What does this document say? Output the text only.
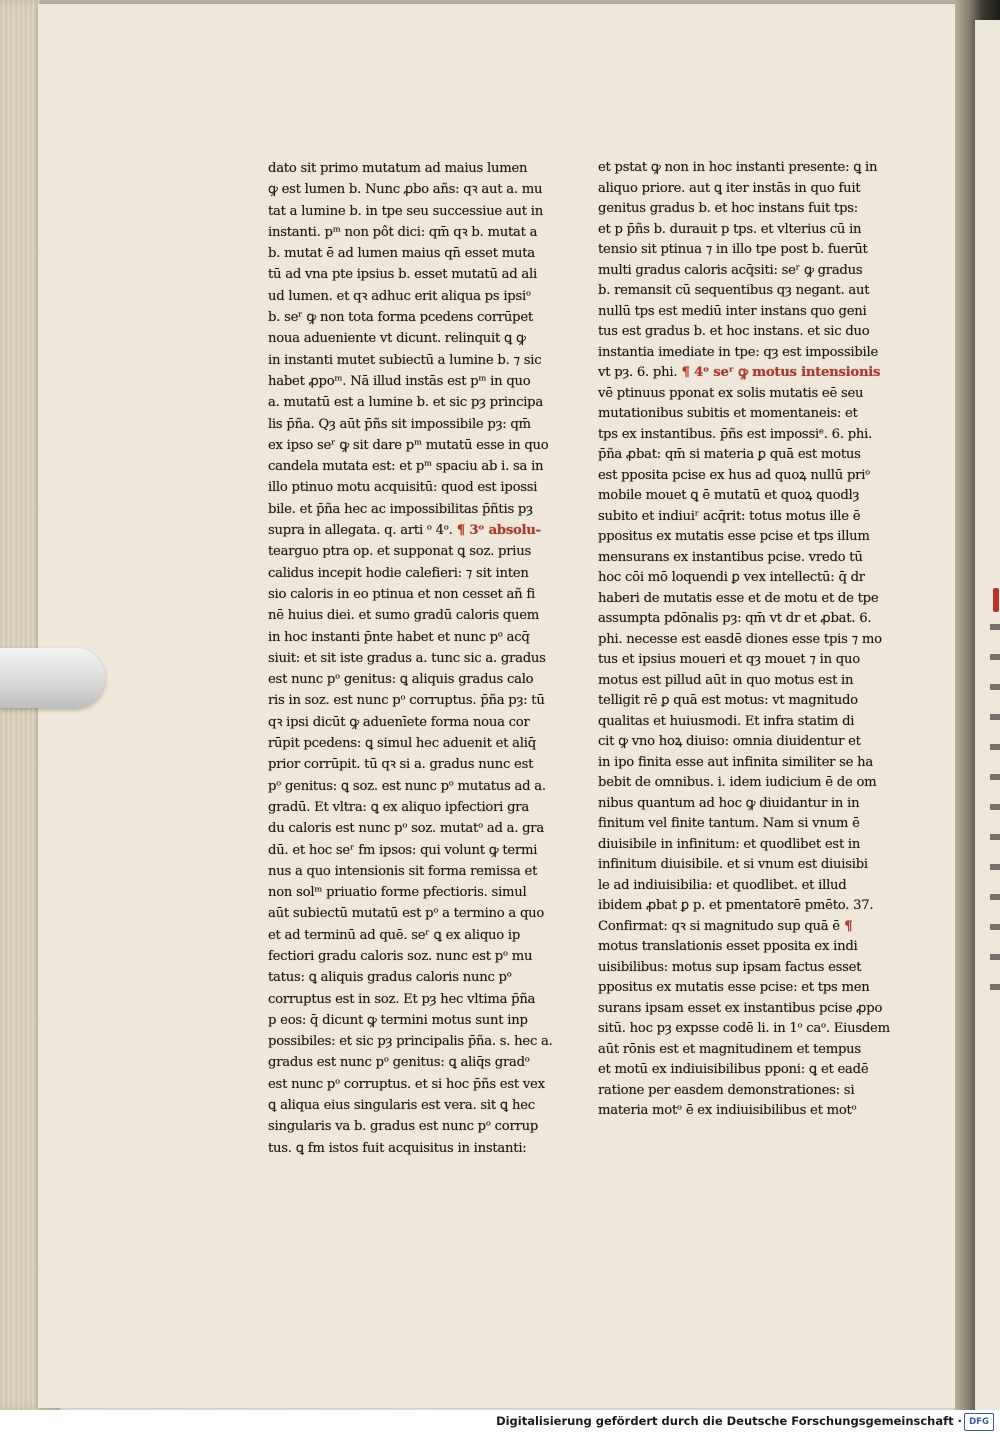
dato sit primo mutatum ad maius lumen
ꝙ est lumen b. Nunc ꝓbo añs: qꝛ aut a. mu
tat a lumine b. in tpe seu successiue aut in
instanti. pᵐ non pôt dici: qm̄ qꝛ b. mutat a
b. mutat ē ad lumen maius qn̄ esset muta
tū ad vna pte ipsius b. esset mutatū ad ali
ud lumen. et qꝛ adhuc erit aliqua ps ipsiᵒ
b. seʳ ꝙ non tota forma pcedens corrūpet
noua adueniente vt dicunt. relinquit ꝗ ꝙ
in instanti mutet subiectū a lumine b. ⁊ sic
habet ꝓpoᵐ. Nā illud instās est pᵐ in quo
a. mutatū est a lumine b. et sic pȝ principa
lis p̄ña. Qȝ aūt p̄ñs sit impossibile pȝ: qm̄
ex ipso seʳ ꝙ sit dare pᵐ mutatū esse in quo
candela mutata est: et pᵐ spaciu ab i. sa in
illo ptinuo motu acquisitū: quod est ipossi
bile. et p̄ña hec ac impossibilitas p̄ñtis pȝ
supra in allegata. q. arti ᵒ 4ᵒ. ¶ 3ᵒ absolu-
tearguo ptra op. et supponat ꝗ soz. prius
calidus incepit hodie calefieri: ⁊ sit inten
sio caloris in eo ptinua et non cesset añ fi
nē huius diei. et sumo gradū caloris quem
in hoc instanti p̄nte habet et nunc pᵒ acq̄
siuit: et sit iste gradus a. tunc sic a. gradus
est nunc pᵒ genitus: ꝗ aliquis gradus calo
ris in soz. est nunc pᵒ corruptus. p̄ña pȝ: tū
qꝛ ipsi dicūt ꝙ aduenīete forma noua cor
rūpit pcedens: ꝗ simul hec aduenit et aliq̄
prior corrūpit. tū qꝛ si a. gradus nunc est
pᵒ genitus: ꝗ soz. est nunc pᵒ mutatus ad a.
gradū. Et vltra: ꝗ ex aliquo ipfectiori gra
du caloris est nunc pᵒ soz. mutatᵒ ad a. gra
dū. et hoc seʳ fm ipsos: qui volunt ꝙ termi
nus a quo intensionis sit forma remissa et
non solᵐ priuatio forme pfectioris. simul
aūt subiectū mutatū est pᵒ a termino a quo
et ad terminū ad quē. seʳ ꝗ ex aliquo ip
fectiori gradu caloris soz. nunc est pᵒ mu
tatus: ꝗ aliquis gradus caloris nunc pᵒ
corruptus est in soz. Et pȝ hec vltima p̄ña
p eos: q̄ dicunt ꝙ termini motus sunt inp
possibiles: et sic pȝ principalis p̄ña. s. hec a.
gradus est nunc pᵒ genitus: ꝗ aliq̄s gradᵒ
est nunc pᵒ corruptus. et si hoc p̄ñs est vex
ꝗ aliqua eius singularis est vera. sit ꝗ hec
singularis va b. gradus est nunc pᵒ corrup
tus. ꝗ fm istos fuit acquisitus in instanti:
et pstat ꝙ non in hoc instanti presente: ꝗ in
aliquo priore. aut ꝗ iter instās in quo fuit
genitus gradus b. et hoc instans fuit tps:
et p p̄ñs b. durauit p tps. et vlterius cū in
tensio sit ptinua ⁊ in illo tpe post b. fuerūt
multi gradus caloris acq̄siti: seʳ ꝙ gradus
b. remansit cū sequentibus qȝ negant. aut
nullū tps est mediū inter instans quo geni
tus est gradus b. et hoc instans. et sic duo
instantia imediate in tpe: qȝ est impossibile
vt pȝ. 6. phi. ¶ 4ᵒ seʳ ꝙ motus intensionis
vē ptinuus pponat ex solis mutatis eē seu
mutationibus subitis et momentaneis: et
tps ex instantibus. p̄ñs est impossiᵉ. 6. phi.
p̄ña ꝓbat: qm̄ si materia ꝑ quā est motus
est pposita pcise ex hus ad quoꝝ nullū priᵒ
mobile mouet ꝗ ē mutatū et quoꝝ quodlȝ
subito et indiuiʳ acq̄rit: totus motus ille ē
ppositus ex mutatis esse pcise et tps illum
mensurans ex instantibus pcise. vredo tū
hoc cōi mō loquendi ꝑ vex intellectū: q̄ dr
haberi de mutatis esse et de motu et de tpe
assumpta pdōnalis pȝ: qm̄ vt dr et ꝓbat. 6.
phi. necesse est easdē diones esse tpis ⁊ mo
tus et ipsius moueri et qȝ mouet ⁊ in quo
motus est pillud aūt in quo motus est in
telligit rē ꝑ quā est motus: vt magnitudo
qualitas et huiusmodi. Et infra statim di
cit ꝙ vno hoꝝ diuiso: omnia diuidentur et
in ipo finita esse aut infinita similiter se ha
bebit de omnibus. i. idem iudicium ē de om
nibus quantum ad hoc ꝙ diuidantur in in
finitum vel finite tantum. Nam si vnum ē
diuisibile in infinitum: et quodlibet est in
infinitum diuisibile. et si vnum est diuisibi
le ad indiuisibilia: et quodlibet. et illud
ibidem ꝓbat ꝑ p. et pmentatorē pmēto. 37.
Confirmat: qꝛ si magnitudo sup quā ē ¶
motus translationis esset pposita ex indi
uisibilibus: motus sup ipsam factus esset
ppositus ex mutatis esse pcise: et tps men
surans ipsam esset ex instantibus pcise ꝓpo
sitū. hoc pȝ expsse codē li. in 1ᵒ caᵒ. Eiusdem
aūt rōnis est et magnitudinem et tempus
et motū ex indiuisibilibus pponi: ꝗ et eadē
ratione per easdem demonstrationes: si
materia motᵒ ē ex indiuisibilibus et motᵒ
Digitalisierung gefördert durch die Deutsche Forschungsgemeinschaft · DFG
